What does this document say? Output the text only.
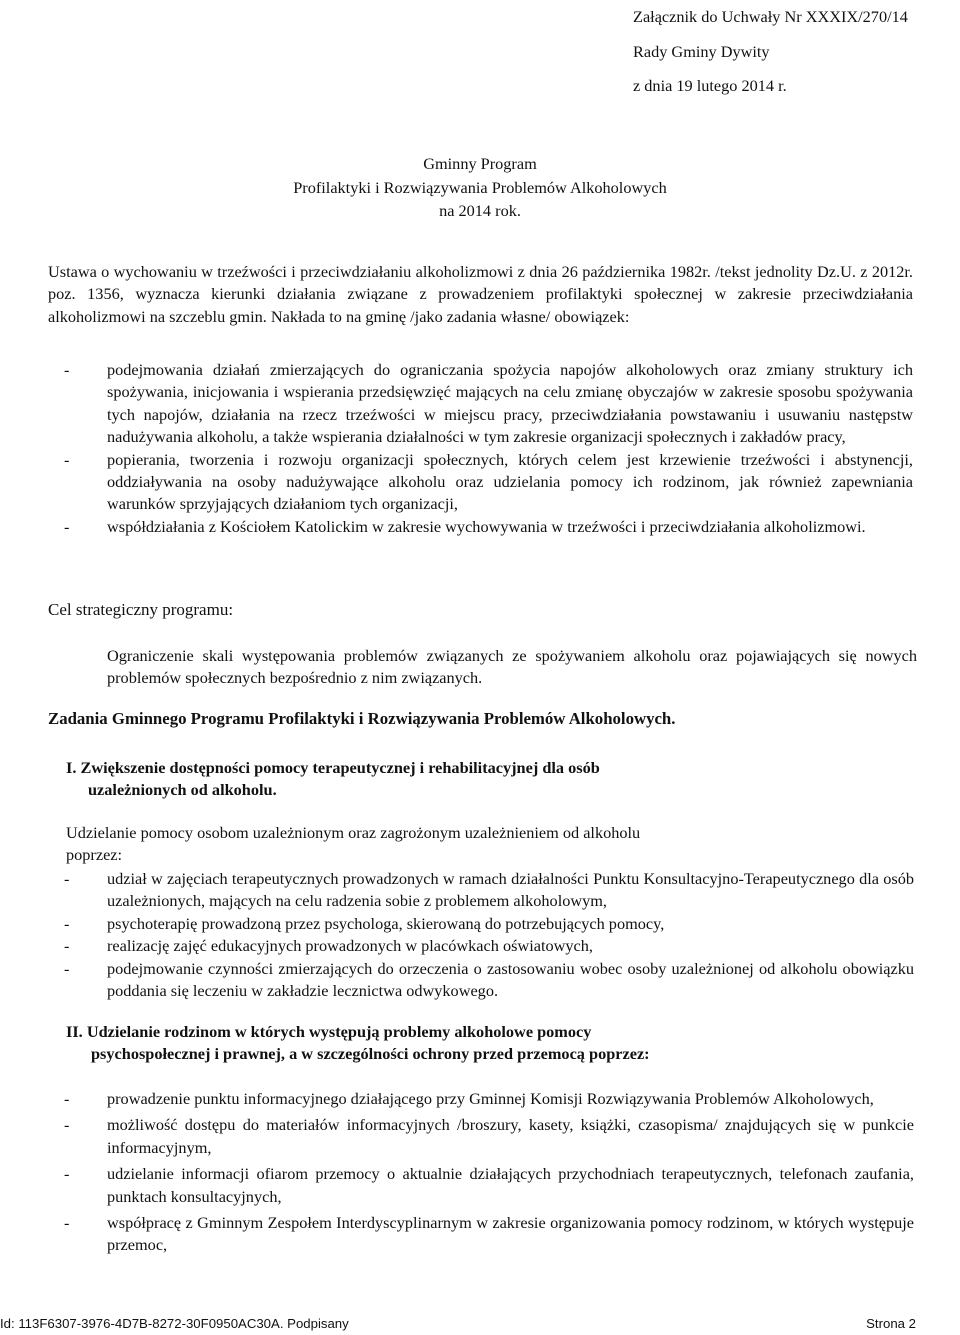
Załącznik do Uchwały Nr XXXIX/270/14
Rady Gminy Dywity
z dnia 19 lutego 2014 r.
Gminny Program
Profilaktyki i Rozwiązywania Problemów Alkoholowych
na 2014 rok.

Ustawa o wychowaniu w trzeźwości i przeciwdziałaniu alkoholizmowi z dnia 26 października 1982r. /tekst jednolity Dz.U. z 2012r. poz. 1356, wyznacza kierunki działania związane z prowadzeniem profilaktyki społecznej w zakresie przeciwdziałania alkoholizmowi na szczeblu gmin. Nakłada to na gminę /jako zadania własne/ obowiązek:

- podejmowania działań zmierzających do ograniczania spożycia napojów alkoholowych oraz zmiany struktury ich spożywania, inicjowania i wspierania przedsięwzięć mających na celu zmianę obyczajów w zakresie sposobu spożywania tych napojów, działania na rzecz trzeźwości w miejscu pracy, przeciwdziałania powstawaniu i usuwaniu następstw nadużywania alkoholu, a także wspierania działalności w tym zakresie organizacji społecznych i zakładów pracy,
- popierania, tworzenia i rozwoju organizacji społecznych, których celem jest krzewienie trzeźwości i abstynencji, oddziaływania na osoby nadużywające alkoholu oraz udzielania pomocy ich rodzinom, jak również zapewniania warunków sprzyjających działaniom tych organizacji,
- współdziałania z Kościołem Katolickim w zakresie wychowywania w trzeźwości i przeciwdziałania alkoholizmowi.
Cel strategiczny programu:
Ograniczenie skali występowania problemów związanych ze spożywaniem alkoholu oraz pojawiających się nowych problemów społecznych bezpośrednio z nim związanych.
Zadania Gminnego Programu Profilaktyki i Rozwiązywania Problemów Alkoholowych.
I. Zwiększenie dostępności pomocy terapeutycznej i rehabilitacyjnej dla osób
uzależnionych od alkoholu.
Udzielanie pomocy osobom uzależnionym oraz zagrożonym uzależnieniem od alkoholu
poprzez:
- udział w zajęciach terapeutycznych prowadzonych w ramach działalności Punktu Konsultacyjno-Terapeutycznego dla osób uzależnionych, mających na celu radzenia sobie z problemem alkoholowym,
- psychoterapię prowadzoną przez psychologa, skierowaną do potrzebujących pomocy,
- realizację zajęć edukacyjnych prowadzonych w placówkach oświatowych,
- podejmowanie czynności zmierzających do orzeczenia o zastosowaniu wobec osoby uzależnionej od alkoholu obowiązku poddania się leczeniu w zakładzie lecznictwa odwykowego.
II. Udzielanie rodzinom w których występują problemy alkoholowe pomocy
psychospołecznej i prawnej, a w szczególności ochrony przed przemocą poprzez:
- prowadzenie punktu informacyjnego działającego przy Gminnej Komisji Rozwiązywania Problemów Alkoholowych,
- możliwość dostępu do materiałów informacyjnych /broszury, kasety, książki, czasopisma/ znajdujących się w punkcie informacyjnym,
- udzielanie informacji ofiarom przemocy o aktualnie działających przychodniach terapeutycznych, telefonach zaufania, punktach konsultacyjnych,
- współpracę z Gminnym Zespołem Interdyscyplinarnym w zakresie organizowania pomocy rodzinom, w których występuje przemoc,
Id: 113F6307-3976-4D7B-8272-30F0950AC30A. Podpisany	Strona 2
